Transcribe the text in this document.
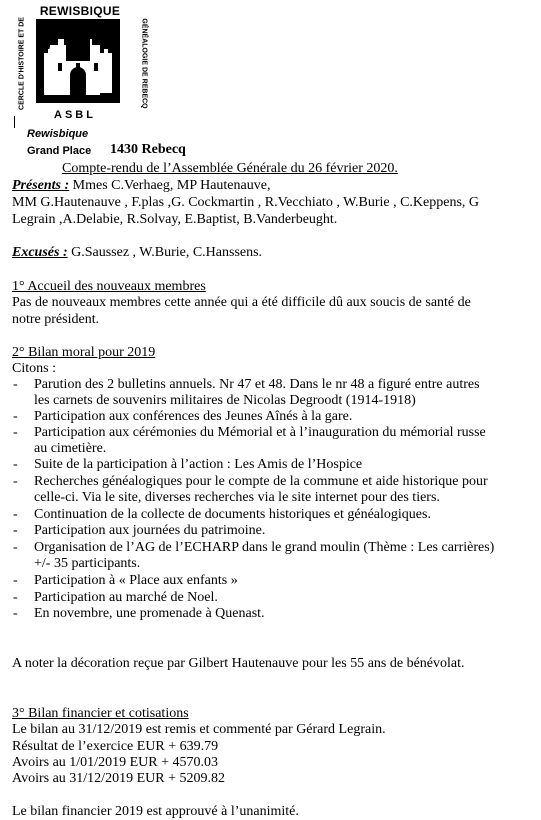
REWISBIQUE
CERCLE D'HISTOIRE ET DE	GÉNÉALOGIE DE REBECQ
ASBL
Rewisbique
Grand Place 1430 Rebecq
Compte-rendu de l’Assemblée Générale du 26 février 2020.
Présents : Mmes C.Verhaeg, MP Hautenauve,
MM G.Hautenauve , F.plas ,G. Cockmartin , R.Vecchiato , W.Burie , C.Keppens, G
Legrain ,A.Delabie, R.Solvay, E.Baptist, B.Vanderbeught.
Excusés : G.Saussez , W.Burie, C.Hanssens.
1° Accueil des nouveaux membres
Pas de nouveaux membres cette année qui a été difficile dû aux soucis de santé de
notre président.
2° Bilan moral pour 2019
Citons :
- Parution des 2 bulletins annuels. Nr 47 et 48. Dans le nr 48 a figuré entre autres
les carnets de souvenirs militaires de Nicolas Degroodt (1914-1918)
- Participation aux conférences des Jeunes Aînés à la gare.
- Participation aux cérémonies du Mémorial et à l’inauguration du mémorial russe
au cimetière.
- Suite de la participation à l’action : Les Amis de l’Hospice
- Recherches généalogiques pour le compte de la commune et aide historique pour
celle-ci. Via le site, diverses recherches via le site internet pour des tiers.
- Continuation de la collecte de documents historiques et généalogiques.
- Participation aux journées du patrimoine.
- Organisation de l’AG de l’ECHARP dans le grand moulin (Thème : Les carrières)
+/- 35 participants.
- Participation à « Place aux enfants »
- Participation au marché de Noel.
- En novembre, une promenade à Quenast.
A noter la décoration reçue par Gilbert Hautenauve pour les 55 ans de bénévolat.
3° Bilan financier et cotisations
Le bilan au 31/12/2019 est remis et commenté par Gérard Legrain.
Résultat de l’exercice EUR + 639.79
Avoirs au 1/01/2019 EUR + 4570.03
Avoirs au 31/12/2019 EUR + 5209.82
Le bilan financier 2019 est approuvé à l’unanimité.
